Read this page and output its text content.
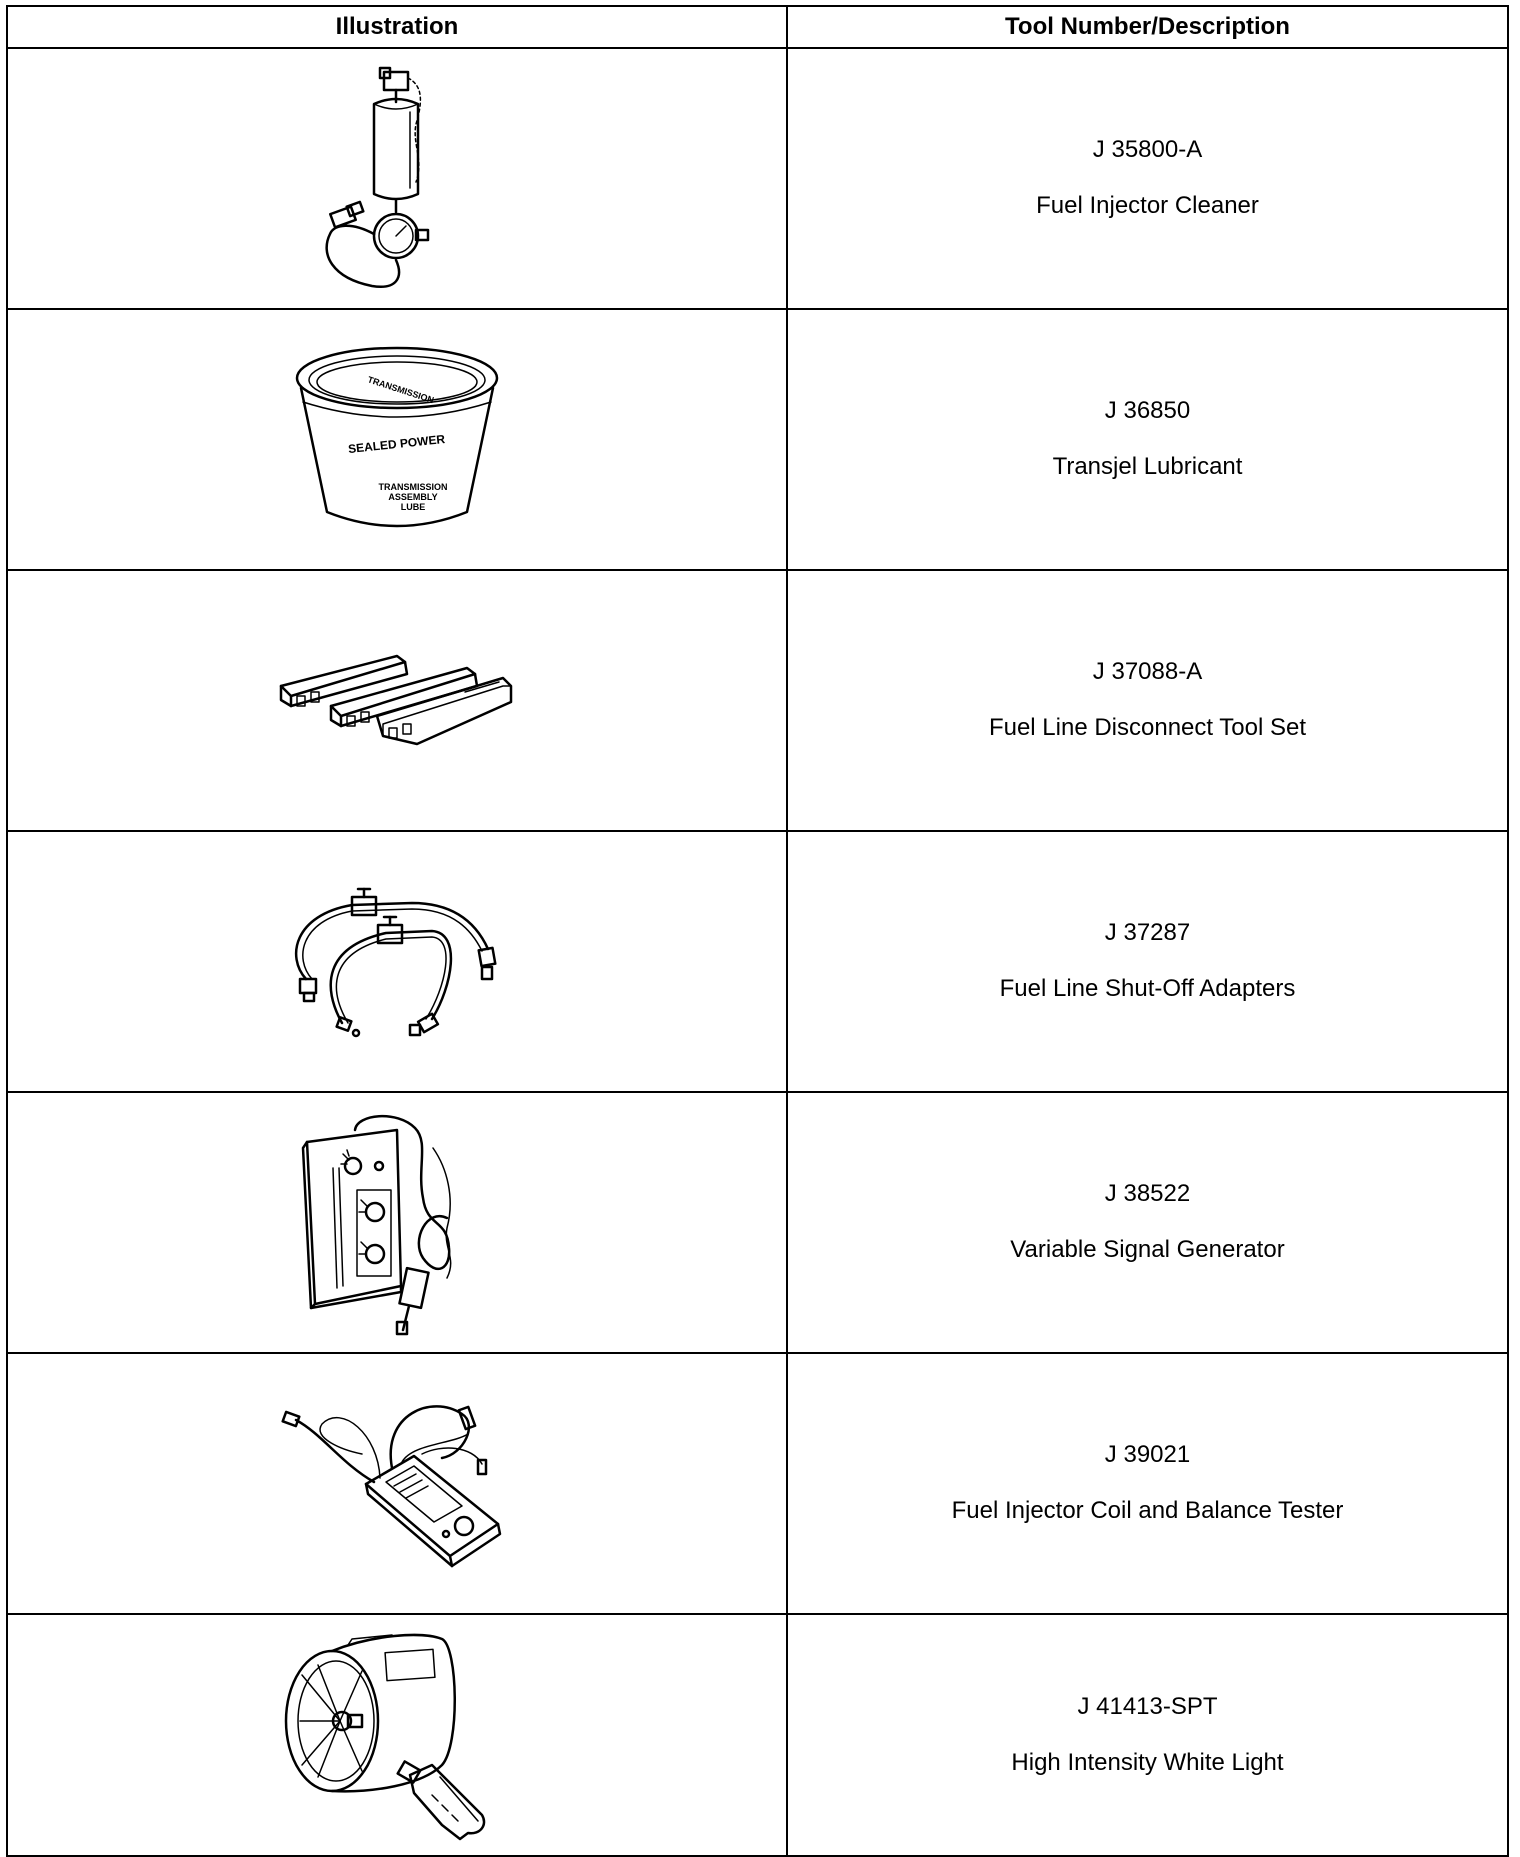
Illustration	Tool Number/Description

J 35800-A
Fuel Injector Cleaner

TRANSMISSION
SEALED POWER
TRANSMISSION
ASSEMBLY
LUBE	J 36850
Transjel Lubricant

J 37088-A
Fuel Line Disconnect Tool Set

J 37287
Fuel Line Shut-Off Adapters

J 38522
Variable Signal Generator

J 39021
Fuel Injector Coil and Balance Tester

J 41413-SPT
High Intensity White Light
